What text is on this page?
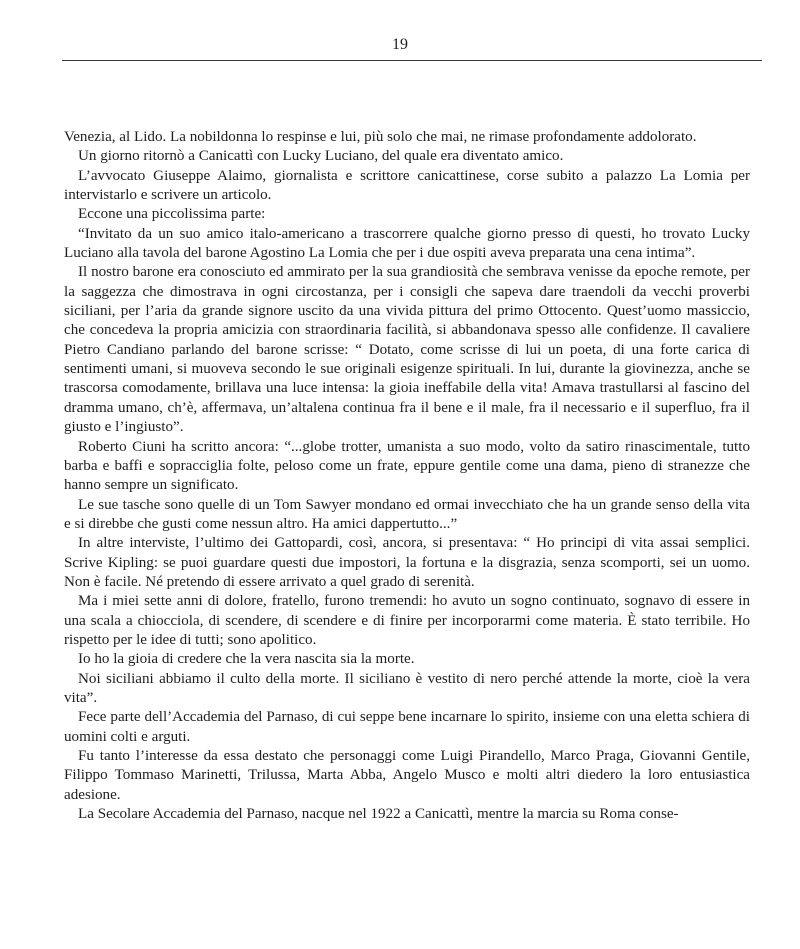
19

Venezia, al Lido. La nobildonna lo respinse e lui, più solo che mai, ne rimase profondamente addolorato.

Un giorno ritornò a Canicattì con Lucky Luciano, del quale era diventato amico.

L’avvocato Giuseppe Alaimo, giornalista e scrittore canicattinese, corse subito a palazzo La Lomia per intervistarlo e scrivere un articolo.

Eccone una piccolissima parte:

“Invitato da un suo amico italo-americano a trascorrere qualche giorno presso di questi, ho trovato Lucky Luciano alla tavola del barone Agostino La Lomia che per i due ospiti aveva preparata una cena intima”.

Il nostro barone era conosciuto ed ammirato per la sua grandiosità che sembrava venisse da epoche remote, per la saggezza che dimostrava in ogni circostanza, per i consigli che sapeva dare traendoli da vecchi proverbi siciliani, per l’aria da grande signore uscito da una vivida pittura del primo Ottocento. Quest’uomo massiccio, che concedeva la propria amicizia con straordinaria facilità, si abbandonava spesso alle confidenze. Il cavaliere Pietro Candiano parlando del barone scrisse: “ Dotato, come scrisse di lui un poeta, di una forte carica di sentimenti umani, si muoveva secondo le sue originali esigenze spirituali. In lui, durante la giovinezza, anche se trascorsa comodamente, brillava una luce intensa: la gioia ineffabile della vita! Amava trastullarsi al fascino del dramma umano, ch’è, affermava, un’altalena continua fra il bene e il male, fra il necessario e il superfluo, fra il giusto e l’ingiusto”.

Roberto Ciuni ha scritto ancora: “...globe trotter, umanista a suo modo, volto da satiro rinascimentale, tutto barba e baffi e sopracciglia folte, peloso come un frate, eppure gentile come una dama, pieno di stranezze che hanno sempre un significato.

Le sue tasche sono quelle di un Tom Sawyer mondano ed ormai invecchiato che ha un grande senso della vita e si direbbe che gusti come nessun altro. Ha amici dappertutto...”

In altre interviste, l’ultimo dei Gattopardi, così, ancora, si presentava: “ Ho principi di vita assai semplici. Scrive Kipling: se puoi guardare questi due impostori, la fortuna e la disgrazia, senza scomporti, sei un uomo. Non è facile. Né pretendo di essere arrivato a quel grado di serenità.

Ma i miei sette anni di dolore, fratello, furono tremendi: ho avuto un sogno continuato, sognavo di essere in una scala a chiocciola, di scendere, di scendere e di finire per incorporarmi come materia. È stato terribile. Ho rispetto per le idee di tutti; sono apolitico.

Io ho la gioia di credere che la vera nascita sia la morte.

Noi siciliani abbiamo il culto della morte. Il siciliano è vestito di nero perché attende la morte, cioè la vera vita”.

Fece parte dell’Accademia del Parnaso, di cui seppe bene incarnare lo spirito, insieme con una eletta schiera di uomini colti e arguti.

Fu tanto l’interesse da essa destato che personaggi come Luigi Pirandello, Marco Praga, Giovanni Gentile, Filippo Tommaso Marinetti, Trilussa, Marta Abba, Angelo Musco e molti altri diedero la loro entusiastica adesione.

La Secolare Accademia del Parnaso, nacque nel 1922 a Canicattì, mentre la marcia su Roma conse-
